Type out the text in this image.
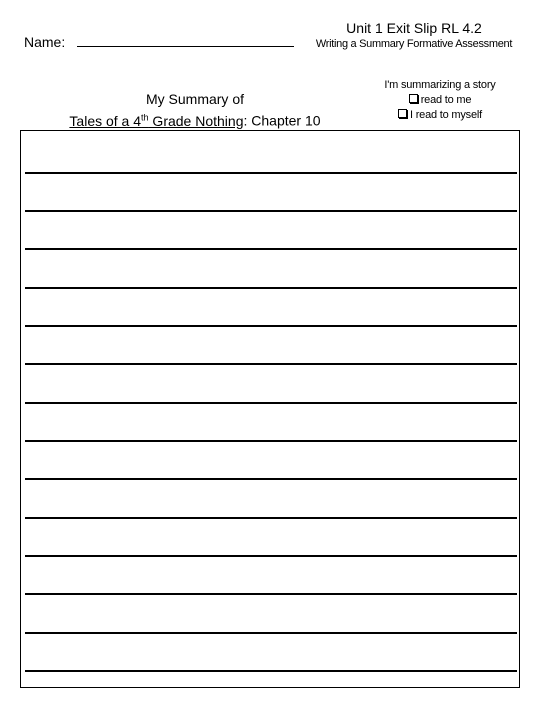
Name:
Unit 1 Exit Slip RL 4.2
Writing a Summary Formative Assessment
My Summary of
Tales of a 4th Grade Nothing: Chapter 10
I'm summarizing a story
read to me
I read to myself
